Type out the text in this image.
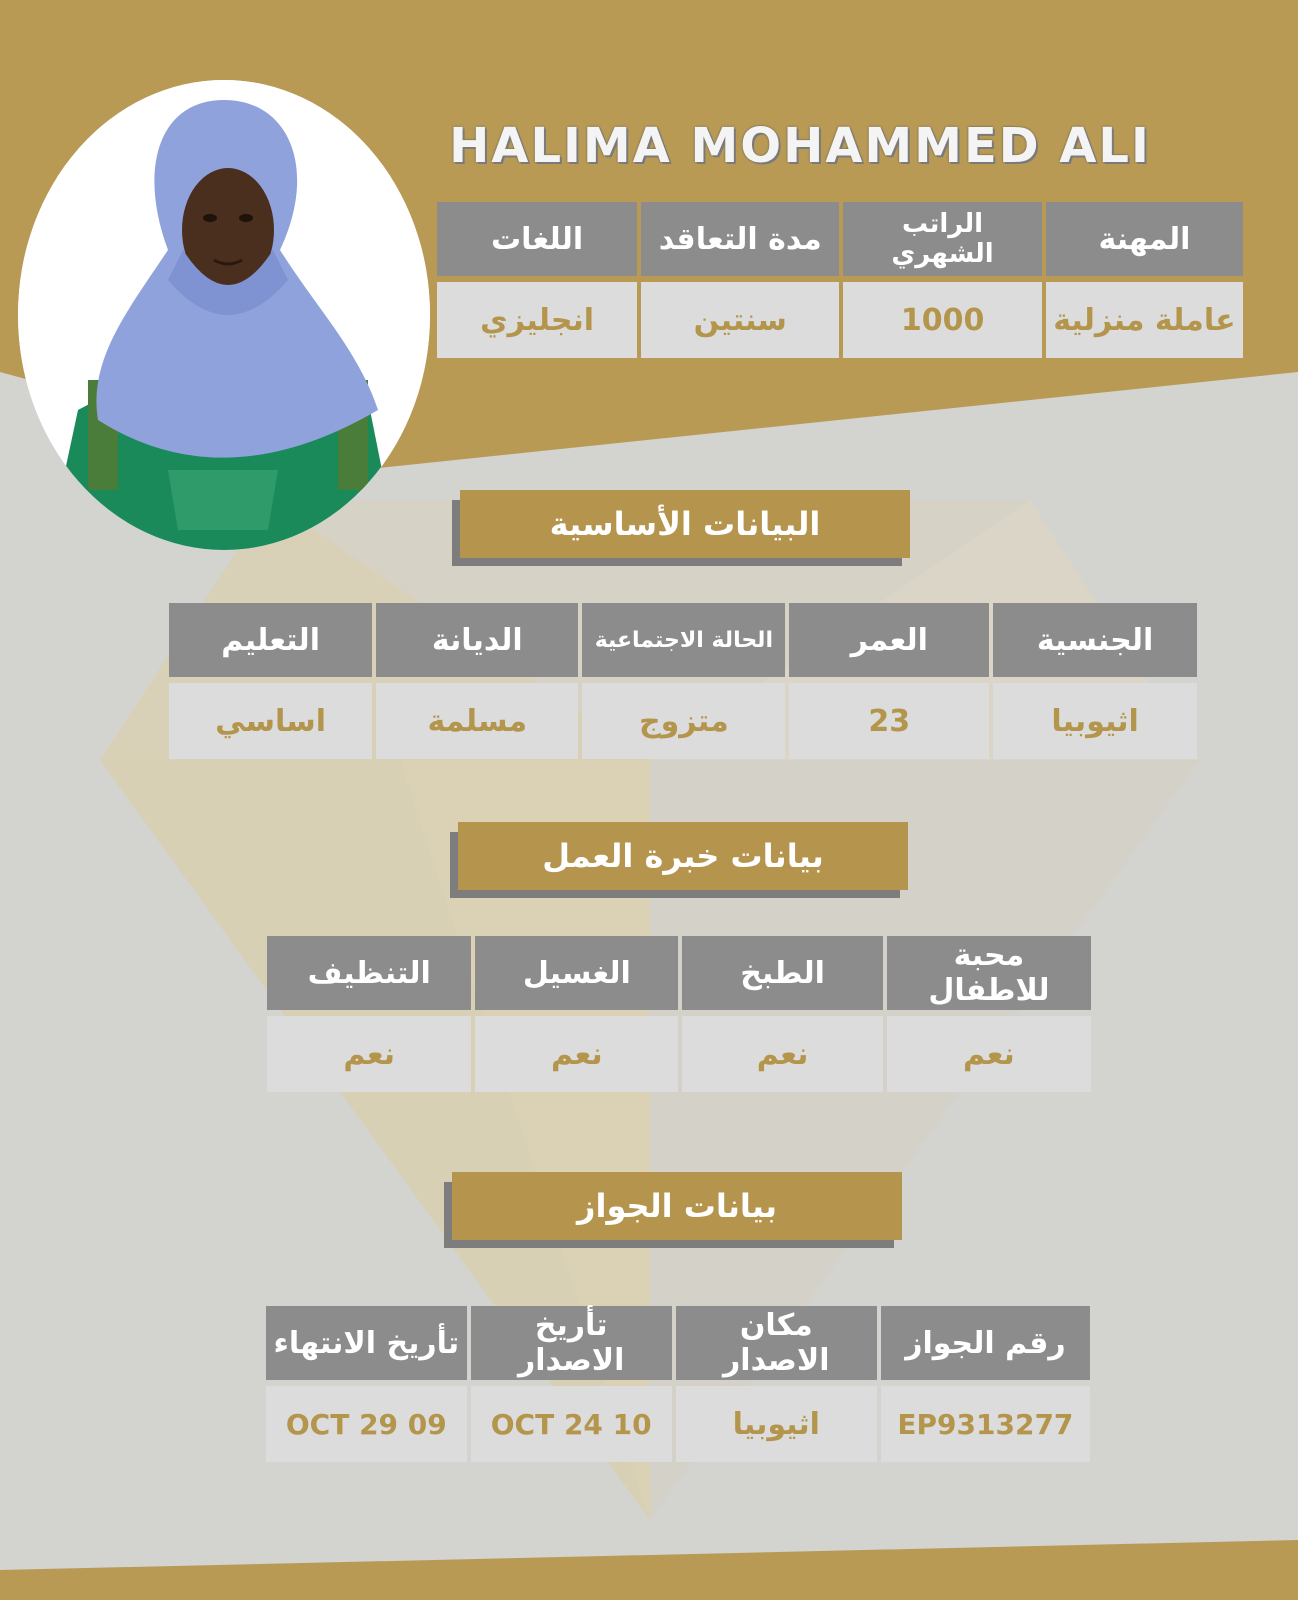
HALIMA MOHAMMED ALI
المهنة	الراتب الشهري	مدة التعاقد	اللغات
عاملة منزلية	1000	سنتين	انجليزي
البيانات الأساسية
الجنسية	العمر	الحالة الاجتماعية	الديانة	التعليم
اثيوبيا	23	متزوج	مسلمة	اساسي
بيانات خبرة العمل
محبة للاطفال	الطبخ	الغسيل	التنظيف
نعم	نعم	نعم	نعم
بيانات الجواز
رقم الجواز	مكان الاصدار	تأريخ الاصدار	تأريخ الانتهاء
EP9313277	اثيوبيا	OCT 24 10	OCT 29 09
